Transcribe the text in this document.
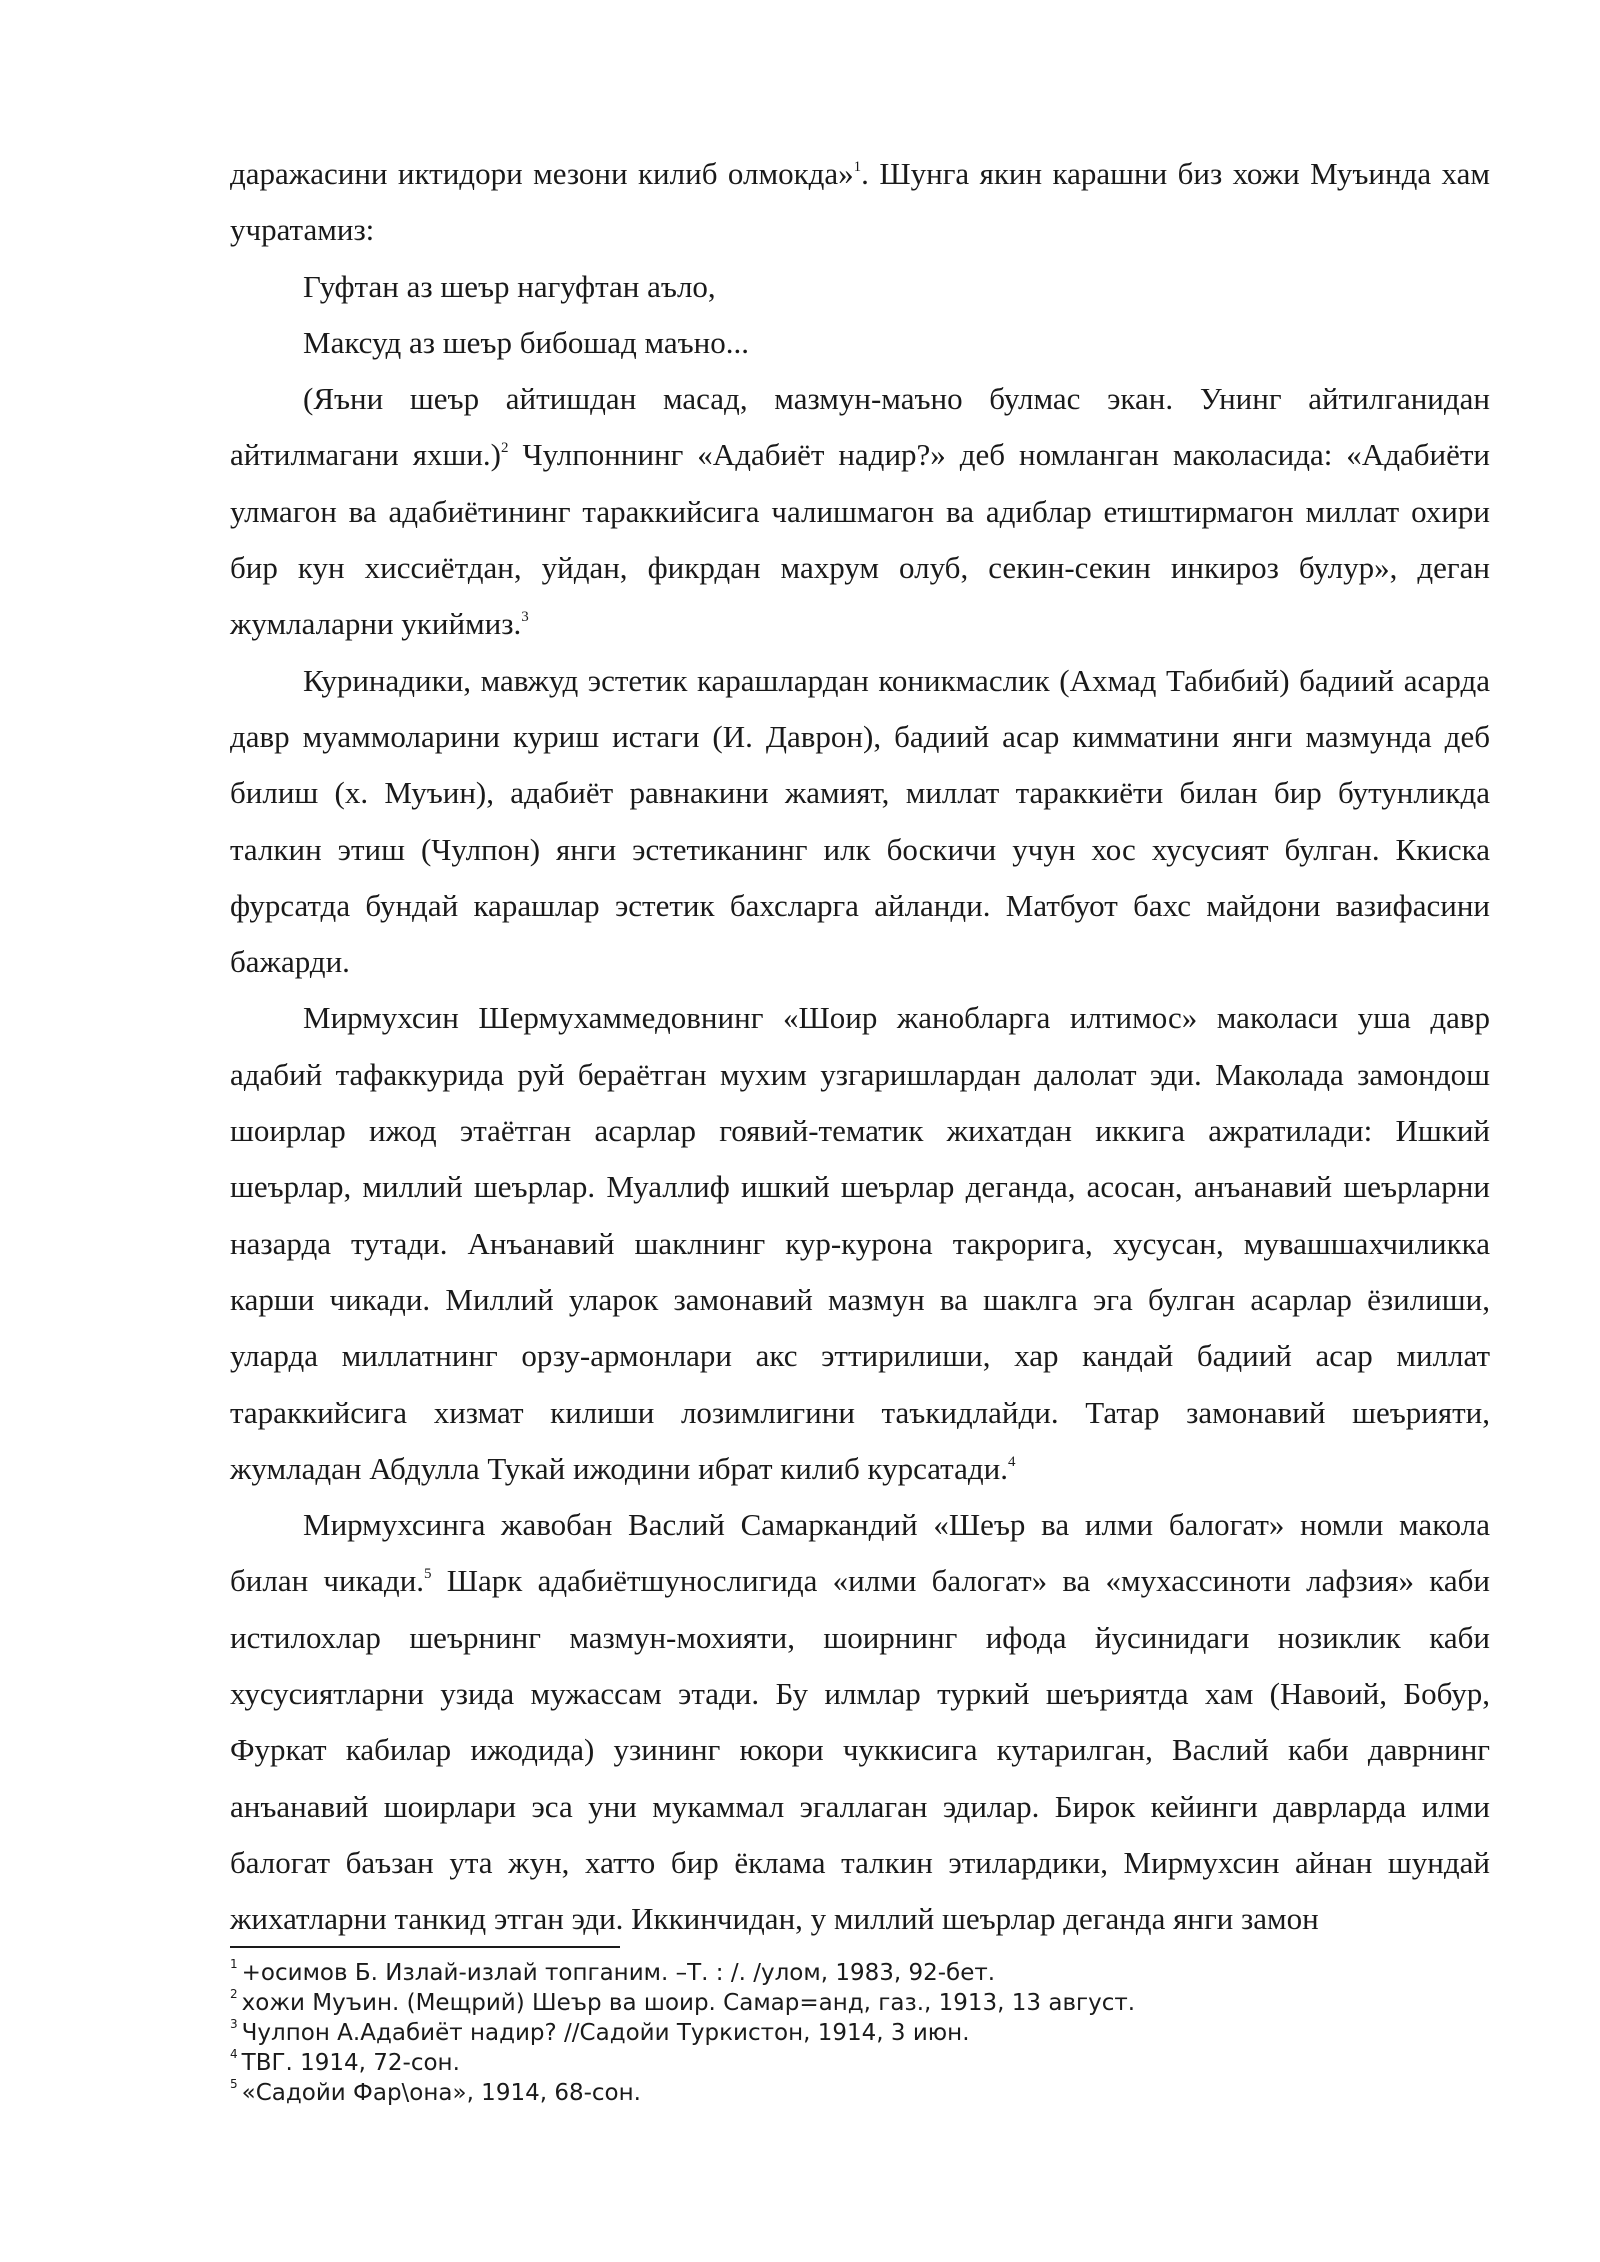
даражасини иктидори мезони килиб олмокда»$^1$. Шунга якин карашни биз хожи Муъинда хам учратамиз:

Гуфтан аз шеър нагуфтан аъло,

Максуд аз шеър бибошад маъно...

(Яъни шеър айтишдан масад, мазмун-маъно булмас экан. Унинг айтилганидан айтилмагани яхши.)$^2$ Чулпоннинг «Адабиёт надир?» деб номланган маколасида: «Адабиёти улмагон ва адабиётининг тараккийсига чалишмагон ва адиблар етиштирмагон миллат охири бир кун хиссиётдан, уйдан, фикрдан махрум олуб, секин-секин инкироз булур», деган жумлаларни укиймиз.$^3$

Куринадики, мавжуд эстетик карашлардан коникмаслик (Ахмад Табибий) бадиий асарда давр муаммоларини куриш истаги (И. Даврон), бадиий асар кимматини янги мазмунда деб билиш (х. Муъин), адабиёт равнакини жамият, миллат тараккиёти билан бир бутунликда талкин этиш (Чулпон) янги эстетиканинг илк боскичи учун хос хусусият булган. Ккиска фурсатда бундай карашлар эстетик бахсларга айланди. Матбуот бахс майдони вазифасини бажарди.

Мирмухсин Шермухаммедовнинг «Шоир жанобларга илтимос» маколаси уша давр адабий тафаккурида руй бераётган мухим узгаришлардан далолат эди. Маколада замондош шоирлар ижод этаётган асарлар гоявий-тематик жихатдан иккига ажратилади: Ишкий шеърлар, миллий шеърлар. Муаллиф ишкий шеърлар деганда, асосан, анъанавий шеърларни назарда тутади. Анъанавий шаклнинг кур-курона такрорига, хусусан, мувашшахчиликка карши чикади. Миллий уларок замонавий мазмун ва шаклга эга булган асарлар ёзилиши, уларда миллатнинг орзу-армонлари акс эттирилиши, хар кандай бадиий асар миллат тараккийсига хизмат килиши лозимлигини таъкидлайди. Татар замонавий шеърияти, жумладан Абдулла Тукай ижодини ибрат килиб курсатади.$^4$

Мирмухсинга жавобан Васлий Самаркандий «Шеър ва илми балогат» номли макола билан чикади.$^5$ Шарк адабиётшунослигида «илми балогат» ва «мухассиноти лафзия» каби истилохлар шеърнинг мазмун-мохияти, шоирнинг ифода йусинидаги нозиклик каби хусусиятларни узида мужассам этади. Бу илмлар туркий шеъриятда хам (Навоий, Бобур, Фуркат кабилар ижодида) узининг юкори чуккисига кутарилган, Васлий каби даврнинг анъанавий шоирлари эса уни мукаммал эгаллаган эдилар. Бирок кейинги даврларда илми балогат баъзан ута жун, хатто бир ёклама талкин этилардики, Мирмухсин айнан шундай жихатларни танкид этган эди. Иккинчидан, у миллий шеърлар деганда янги замон

$^1$ +осимов Б. Излай-излай топганим. –Т. : /. /улом, 1983, 92-бет.
$^2$ хожи Муъин. (Мещрий) Шеър ва шоир. Самар=анд, газ., 1913, 13 август.
$^3$ Чулпон А.Адабиёт надир? //Садойи Туркистон, 1914, 3 июн.
$^4$ ТВГ. 1914, 72-сон.
$^5$ «Садойи Фар\она», 1914, 68-сон.
